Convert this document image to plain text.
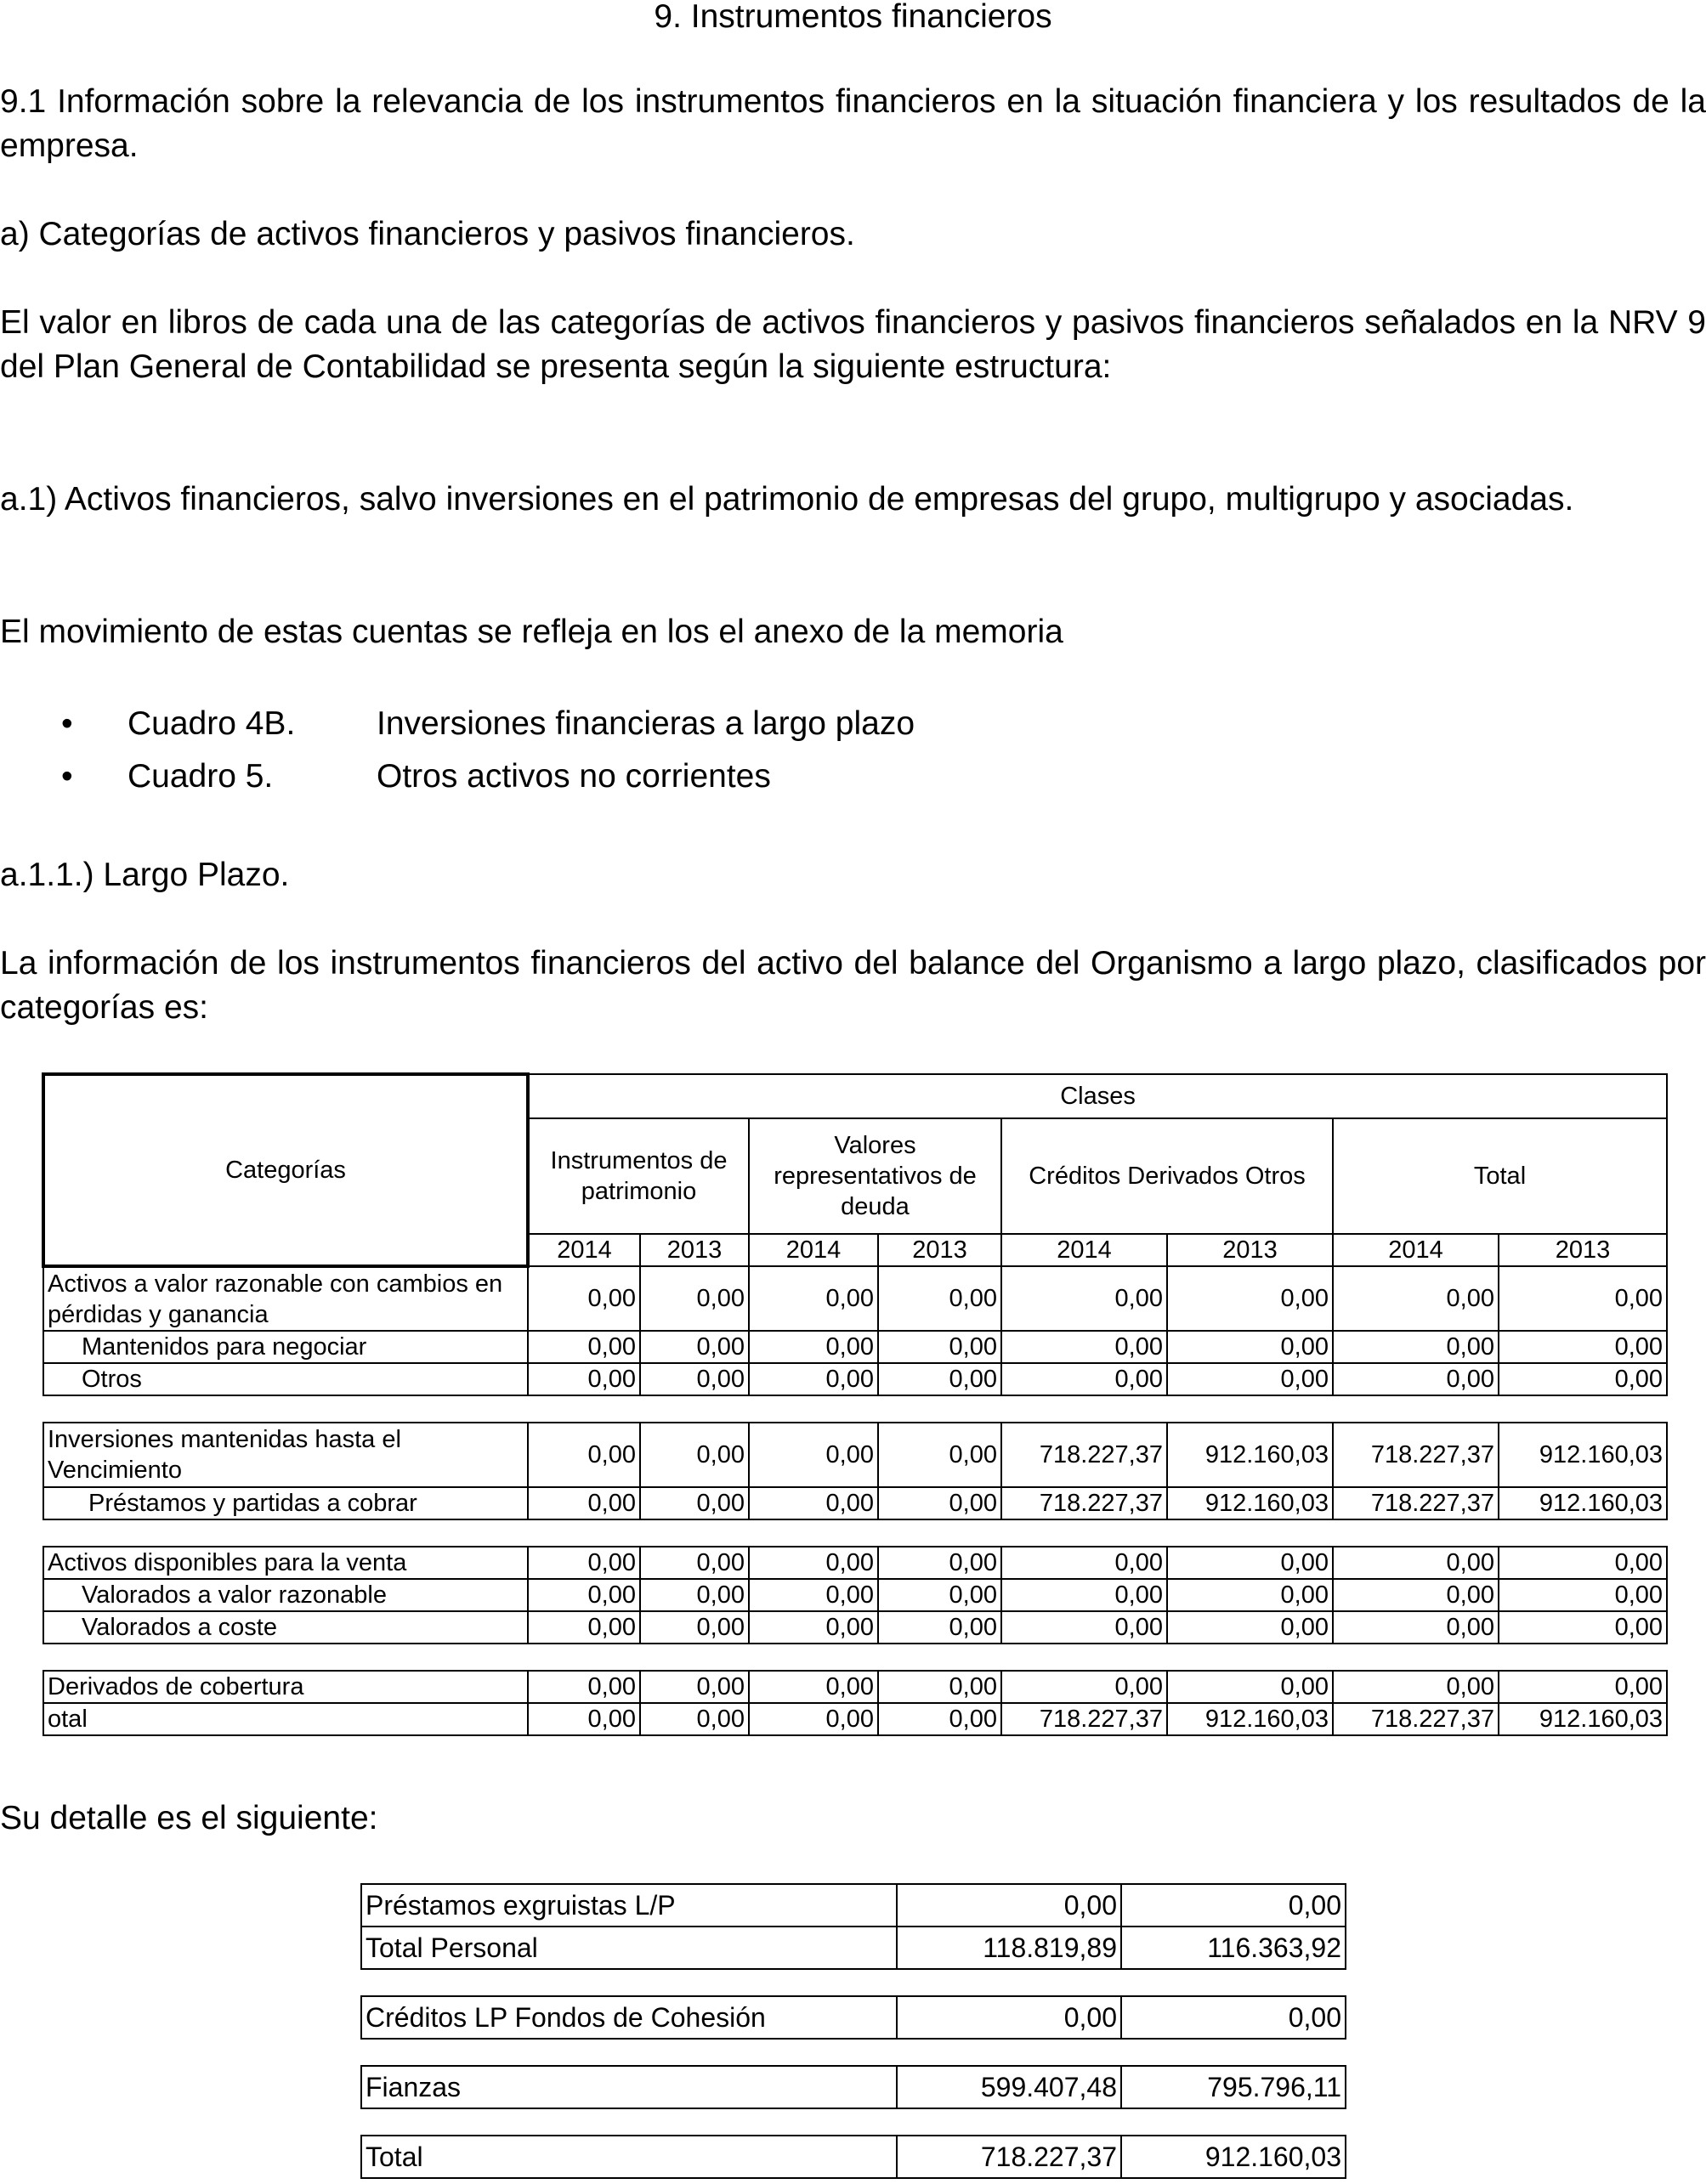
9. Instrumentos financieros

9.1 Información sobre la relevancia de los instrumentos financieros en la situación financiera y los resultados de la empresa.

a) Categorías de activos financieros y pasivos financieros.

El valor en libros de cada una de las categorías de activos financieros y pasivos financieros señalados en la NRV 9 del Plan General de Contabilidad se presenta según la siguiente estructura:

a.1) Activos financieros, salvo inversiones en el patrimonio de empresas del grupo, multigrupo y asociadas.

El movimiento de estas cuentas se refleja en los el anexo de la memoria

• Cuadro 4B. Inversiones financieras a largo plazo
• Cuadro 5.	Otros activos no corrientes

a.1.1.) Largo Plazo.

La información de los instrumentos financieros del activo del balance del Organismo a largo plazo, clasificados por categorías es:

Categorías	Clases							
	Instrumentos de patrimonio		Valores representativos de deuda		Créditos Derivados Otros		Total	
	2014	2013	2014	2013	2014	2013	2014	2013
Activos a valor razonable con cambios en pérdidas y ganancia	0,00	0,00	0,00	0,00	0,00	0,00	0,00	0,00
Mantenidos para negociar	0,00	0,00	0,00	0,00	0,00	0,00	0,00	0,00
Otros	0,00	0,00	0,00	0,00	0,00	0,00	0,00	0,00

Inversiones mantenidas hasta el Vencimiento	0,00	0,00	0,00	0,00	718.227,37	912.160,03	718.227,37	912.160,03
Préstamos y partidas a cobrar	0,00	0,00	0,00	0,00	718.227,37	912.160,03	718.227,37	912.160,03

Activos disponibles para la venta	0,00	0,00	0,00	0,00	0,00	0,00	0,00	0,00
Valorados a valor razonable	0,00	0,00	0,00	0,00	0,00	0,00	0,00	0,00
Valorados a coste	0,00	0,00	0,00	0,00	0,00	0,00	0,00	0,00

Derivados de cobertura	0,00	0,00	0,00	0,00	0,00	0,00	0,00	0,00
otal	0,00	0,00	0,00	0,00	718.227,37	912.160,03	718.227,37	912.160,03

Su detalle es el siguiente:

Préstamos exgruistas L/P	0,00	0,00
Total Personal	118.819,89	116.363,92

Créditos LP Fondos de Cohesión	0,00	0,00

Fianzas	599.407,48	795.796,11

Total	718.227,37	912.160,03
